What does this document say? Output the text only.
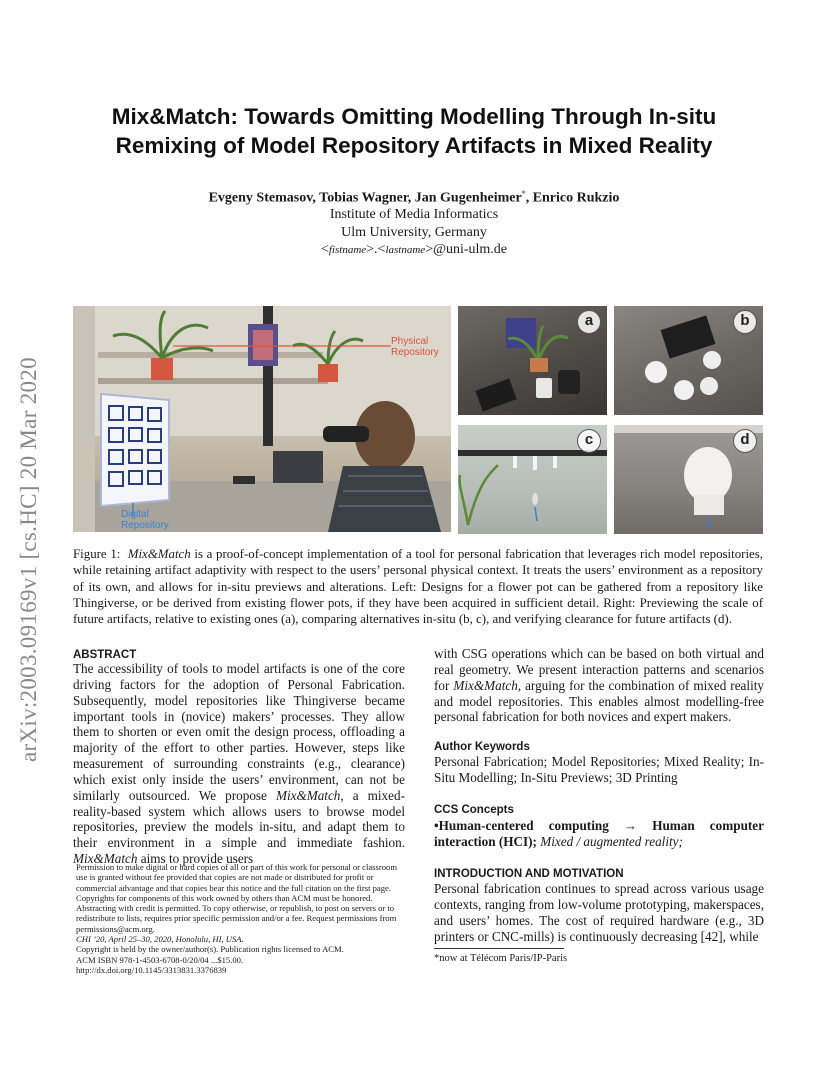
arXiv:2003.09169v1 [cs.HC] 20 Mar 2020
Mix&Match: Towards Omitting Modelling Through In-situ Remixing of Model Repository Artifacts in Mixed Reality
Evgeny Stemasov, Tobias Wagner, Jan Gugenheimer*, Enrico Rukzio
Institute of Media Informatics
Ulm University, Germany
<fistname>.<lastname>@uni-ulm.de
Physical
Repository
Digital
Repository
a	b
c	d
Figure 1: Mix&Match is a proof-of-concept implementation of a tool for personal fabrication that leverages rich model repositories, while retaining artifact adaptivity with respect to the users’ personal physical context. It treats the users’ environment as a repository of its own, and allows for in-situ previews and alterations. Left: Designs for a flower pot can be gathered from a repository like Thingiverse, or be derived from existing flower pots, if they have been acquired in sufficient detail. Right: Previewing the scale of future artifacts, relative to existing ones (a), comparing alternatives in-situ (b, c), and verifying clearance for future artifacts (d).
ABSTRACT
The accessibility of tools to model artifacts is one of the core driving factors for the adoption of Personal Fabrication. Subsequently, model repositories like Thingiverse became important tools in (novice) makers’ processes. They allow them to shorten or even omit the design process, offloading a majority of the effort to other parties. However, steps like measurement of surrounding constraints (e.g., clearance) which exist only inside the users’ environment, can not be similarly outsourced. We propose Mix&Match, a mixed-reality-based system which allows users to browse model repositories, preview the models in-situ, and adapt them to their environment in a simple and immediate fashion. Mix&Match aims to provide users
with CSG operations which can be based on both virtual and real geometry. We present interaction patterns and scenarios for Mix&Match, arguing for the combination of mixed reality and model repositories. This enables almost modelling-free personal fabrication for both novices and expert makers.
Author Keywords
Personal Fabrication; Model Repositories; Mixed Reality; In-Situ Modelling; In-Situ Previews; 3D Printing
CCS Concepts
•Human-centered computing → Human computer interaction (HCI); Mixed / augmented reality;
INTRODUCTION AND MOTIVATION
Personal fabrication continues to spread across various usage contexts, ranging from low-volume prototyping, makerspaces, and users’ homes. The cost of required hardware (e.g., 3D printers or CNC-mills) is continuously decreasing [42], while
*now at Télécom Paris/IP-Paris
Permission to make digital or hard copies of all or part of this work for personal or classroom use is granted without fee provided that copies are not made or distributed for profit or commercial advantage and that copies bear this notice and the full citation on the first page. Copyrights for components of this work owned by others than ACM must be honored. Abstracting with credit is permitted. To copy otherwise, or republish, to post on servers or to redistribute to lists, requires prior specific permission and/or a fee. Request permissions from permissions@acm.org.
CHI ’20, April 25–30, 2020, Honolulu, HI, USA.
Copyright is held by the owner/author(s). Publication rights licensed to ACM.
ACM ISBN 978-1-4503-6708-0/20/04 ...$15.00.
http://dx.doi.org/10.1145/3313831.3376839
